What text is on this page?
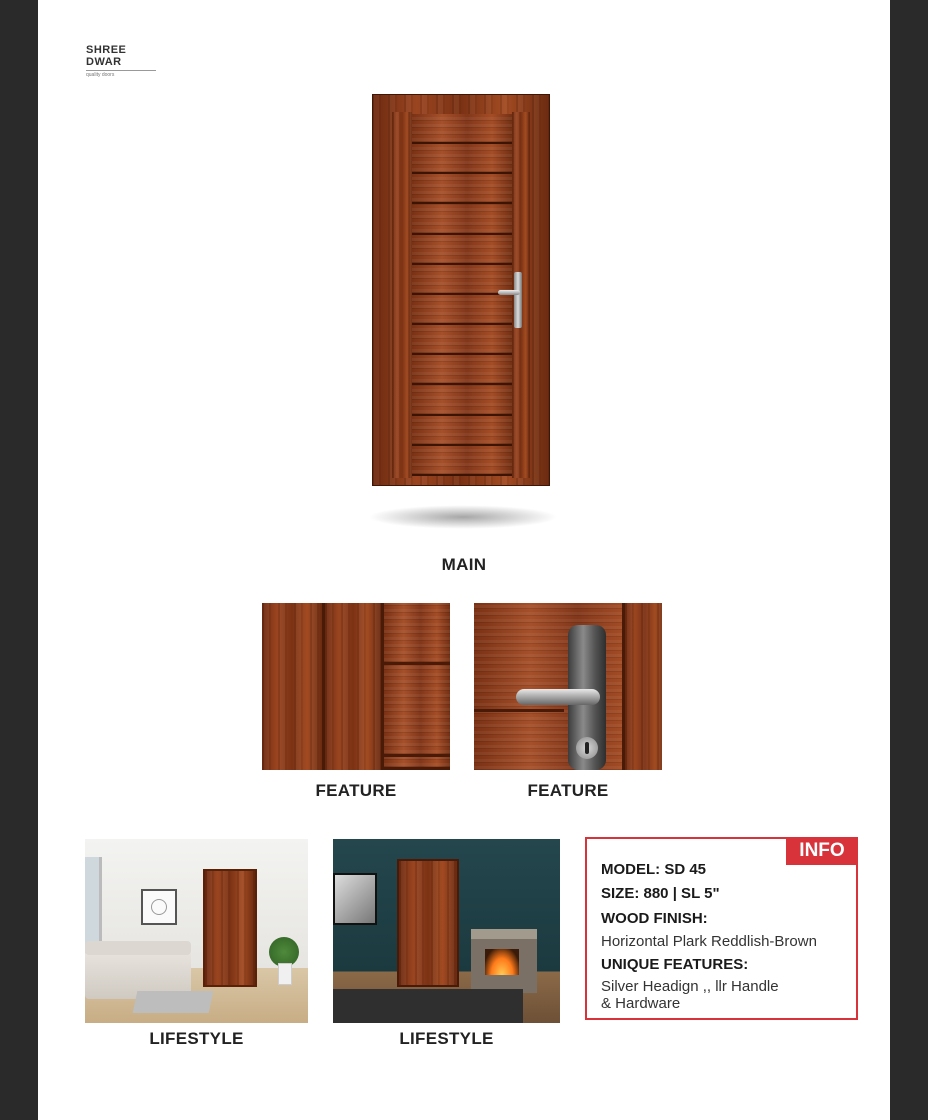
SHREE
DWAR
quality doors
MAIN
FEATURE	FEATURE
LIFESTYLE	LIFESTYLE
INFO
MODEL: SD 45
SIZE: 880 | SL 5"
WOOD FINISH:
Horizontal Plark Reddlish-Brown
UNIQUE FEATURES:
Silver Headign ,, llr Handle
& Hardware
